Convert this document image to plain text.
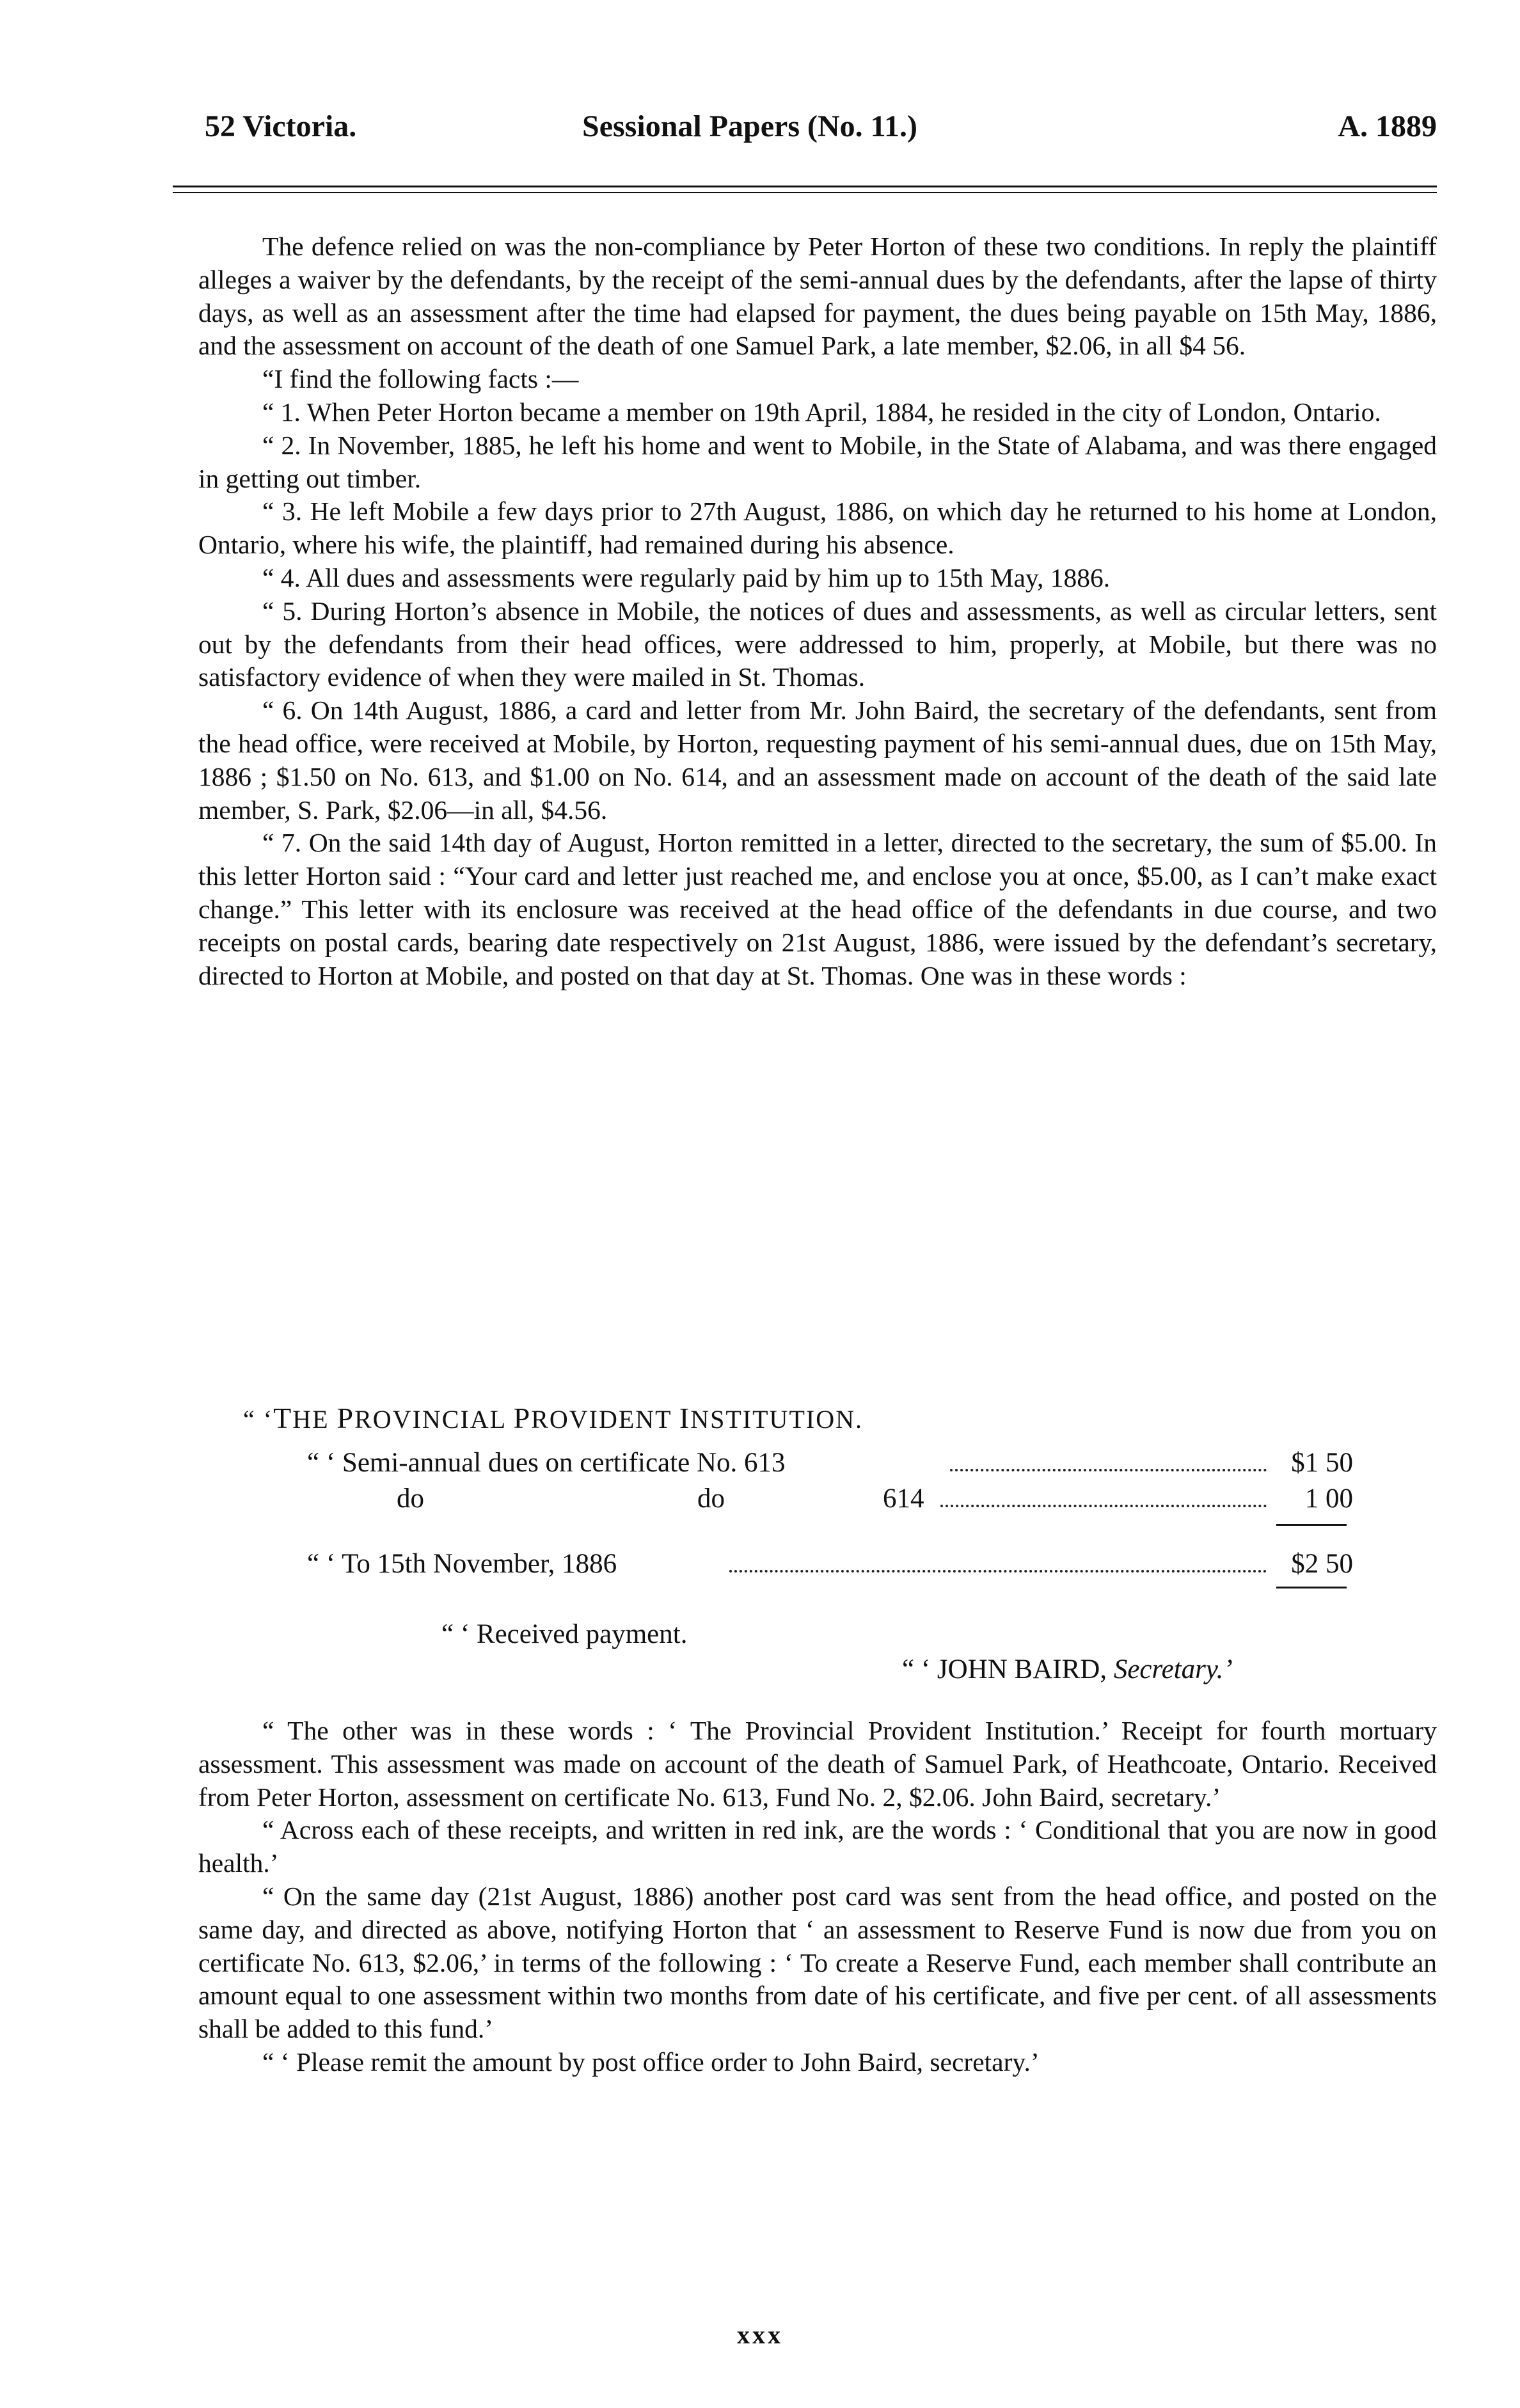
52 Victoria.	Sessional Papers (No. 11.)	A. 1889

The defence relied on was the non-compliance by Peter Horton of these two conditions. In reply the plaintiff alleges a waiver by the defendants, by the receipt of the semi-annual dues by the defendants, after the lapse of thirty days, as well as an assessment after the time had elapsed for payment, the dues being payable on 15th May, 1886, and the assessment on account of the death of one Samuel Park, a late member, $2.06, in all $4 56.

“I find the following facts :—

“ 1. When Peter Horton became a member on 19th April, 1884, he resided in the city of London, Ontario.

“ 2. In November, 1885, he left his home and went to Mobile, in the State of Alabama, and was there engaged in getting out timber.

“ 3. He left Mobile a few days prior to 27th August, 1886, on which day he returned to his home at London, Ontario, where his wife, the plaintiff, had remained during his absence.

“ 4. All dues and assessments were regularly paid by him up to 15th May, 1886.

“ 5. During Horton’s absence in Mobile, the notices of dues and assessments, as well as circular letters, sent out by the defendants from their head offices, were addressed to him, properly, at Mobile, but there was no satisfactory evidence of when they were mailed in St. Thomas.

“ 6. On 14th August, 1886, a card and letter from Mr. John Baird, the secretary of the defendants, sent from the head office, were received at Mobile, by Horton, requesting payment of his semi-annual dues, due on 15th May, 1886 ; $1.50 on No. 613, and $1.00 on No. 614, and an assessment made on account of the death of the said late member, S. Park, $2.06—in all, $4.56.

“ 7. On the said 14th day of August, Horton remitted in a letter, directed to the secretary, the sum of $5.00. In this letter Horton said : “Your card and letter just reached me, and enclose you at once, $5.00, as I can’t make exact change.” This letter with its enclosure was received at the head office of the defendants in due course, and two receipts on postal cards, bearing date respectively on 21st August, 1886, were issued by the defendant’s secretary, directed to Horton at Mobile, and posted on that day at St. Thomas. One was in these words :

“ ‘THE PROVINCIAL PROVIDENT INSTITUTION.
“ ‘ Semi-annual dues on certificate No. 613	$1 50
do	do	614	1 00
“ ‘ To 15th November, 1886	$2 50
“ ‘ Received payment.
“ ‘ JOHN BAIRD, Secretary.’

“ The other was in these words : ‘ The Provincial Provident Institution.’ Receipt for fourth mortuary assessment. This assessment was made on account of the death of Samuel Park, of Heathcoate, Ontario. Received from Peter Horton, assessment on certificate No. 613, Fund No. 2, $2.06. John Baird, secretary.’

“ Across each of these receipts, and written in red ink, are the words : ‘ Conditional that you are now in good health.’

“ On the same day (21st August, 1886) another post card was sent from the head office, and posted on the same day, and directed as above, notifying Horton that ‘ an assessment to Reserve Fund is now due from you on certificate No. 613, $2.06,’ in terms of the following : ‘ To create a Reserve Fund, each member shall contribute an amount equal to one assessment within two months from date of his certificate, and five per cent. of all assessments shall be added to this fund.’

“ ‘ Please remit the amount by post office order to John Baird, secretary.’

xxx
